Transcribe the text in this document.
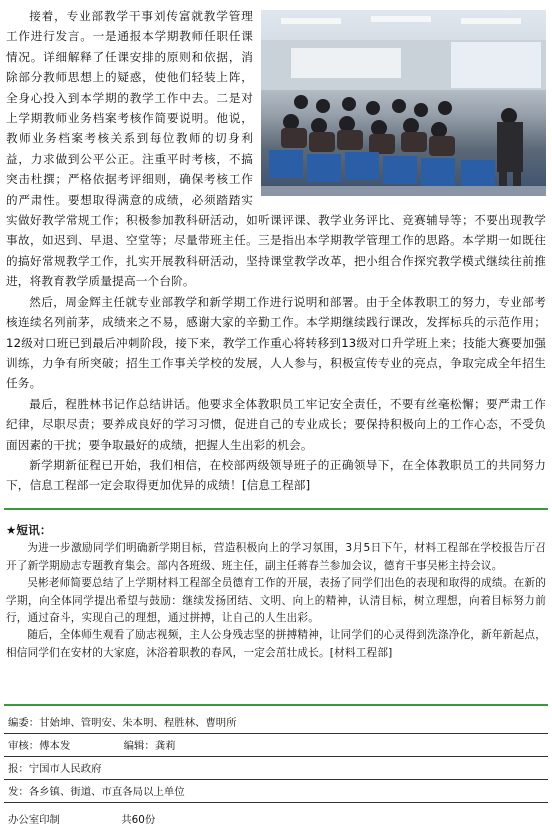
接着，专业部教学干事刘传富就教学管理工作进行发言。一是通报本学期教师任职任课情况。详细解释了任课安排的原则和依据，消除部分教师思想上的疑惑，使他们轻装上阵，全身心投入到本学期的教学工作中去。二是对上学期教师业务档案考核作简要说明。他说，教师业务档案考核关系到每位教师的切身利益，力求做到公平公正。注重平时考核，不搞突击杜撰；严格依据考评细则，确保考核工作的严肃性。要想取得满意的成绩，必须踏踏实实做好教学常规工作；积极参加教科研活动，如听课评课、教学业务评比、竞赛辅导等；不要出现教学事故，如迟到、早退、空堂等；尽量带班主任。三是指出本学期教学管理工作的思路。本学期一如既往的搞好常规教学工作，扎实开展教科研活动，坚持课堂教学改革，把小组合作探究教学模式继续往前推进，将教育教学质量提高一个台阶。

然后，周金辉主任就专业部教学和新学期工作进行说明和部署。由于全体教职工的努力，专业部考核连续名列前茅，成绩来之不易，感谢大家的辛勤工作。本学期继续践行课改，发挥标兵的示范作用；12级对口班已到最后冲刺阶段，接下来，教学工作重心将转移到13级对口升学班上来；技能大赛要加强训练，力争有所突破；招生工作事关学校的发展，人人参与，积极宣传专业的亮点，争取完成全年招生任务。

最后，程胜林书记作总结讲话。他要求全体教职员工牢记安全责任，不要有丝毫松懈；要严肃工作纪律，尽职尽责；要养成良好的学习习惯，促进自己的专业成长；要保持积极向上的工作心态，不受负面因素的干扰；要争取最好的成绩，把握人生出彩的机会。

新学期新征程已开始，我们相信，在校部两级领导班子的正确领导下，在全体教职员工的共同努力下，信息工程部一定会取得更加优异的成绩！[信息工程部]

★短讯：

为进一步激励同学们明确新学期目标，营造积极向上的学习氛围，3月5日下午，材料工程部在学校报告厅召开了新学期励志专题教育集会。部内各班级、班主任，副主任蒋春兰参加会议，德育干事吴彬主持会议。

吴彬老师简要总结了上学期材料工程部全员德育工作的开展，表扬了同学们出色的表现和取得的成绩。在新的学期，向全体同学提出希望与鼓励：继续发扬团结、文明、向上的精神，认清目标，树立理想，向着目标努力前行，通过奋斗，实现自己的理想，通过拼搏，让自己的人生出彩。

随后，全体师生观看了励志视频，主人公身残志坚的拼搏精神，让同学们的心灵得到洗涤净化，新年新起点，相信同学们在安材的大家庭，沐浴着职教的春风，一定会茁壮成长。[材料工程部]

编委：甘始坤、管明安、朱本明、程胜林、曹明所
审核：傅本发	编辑：龚莉
报：宁国市人民政府
发：各乡镇、街道、市直各局以上单位
办公室印制	共60份
